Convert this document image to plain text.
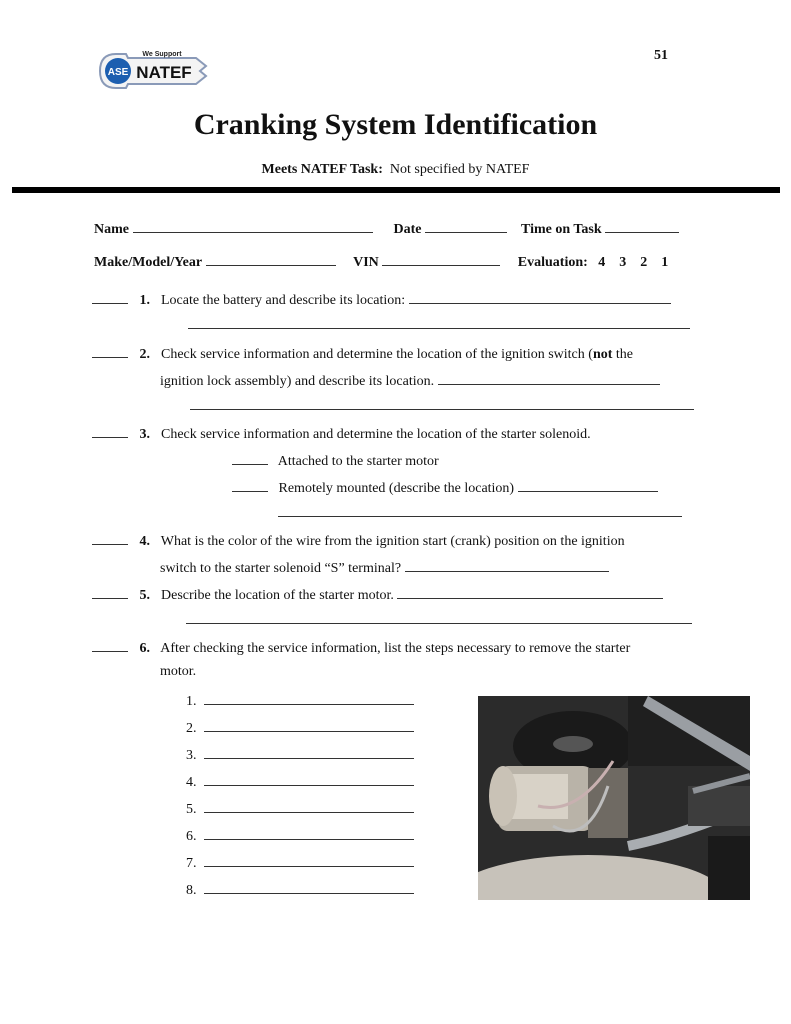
51
ASE
We Support
NATEF
Cranking System Identification
Meets NATEF Task: Not specified by NATEF
Name	Date	Time on Task
Make/Model/Year	VIN	Evaluation: 4 3 2 1
1. Locate the battery and describe its location:
2. Check service information and determine the location of the ignition switch (not the
ignition lock assembly) and describe its location.
3. Check service information and determine the location of the starter solenoid.
Attached to the starter motor
Remotely mounted (describe the location)
4. What is the color of the wire from the ignition start (crank) position on the ignition
switch to the starter solenoid “S” terminal?
5. Describe the location of the starter motor.
6. After checking the service information, list the steps necessary to remove the starter
motor.
1.
2.
3.
4.
5.
6.
7.
8.
